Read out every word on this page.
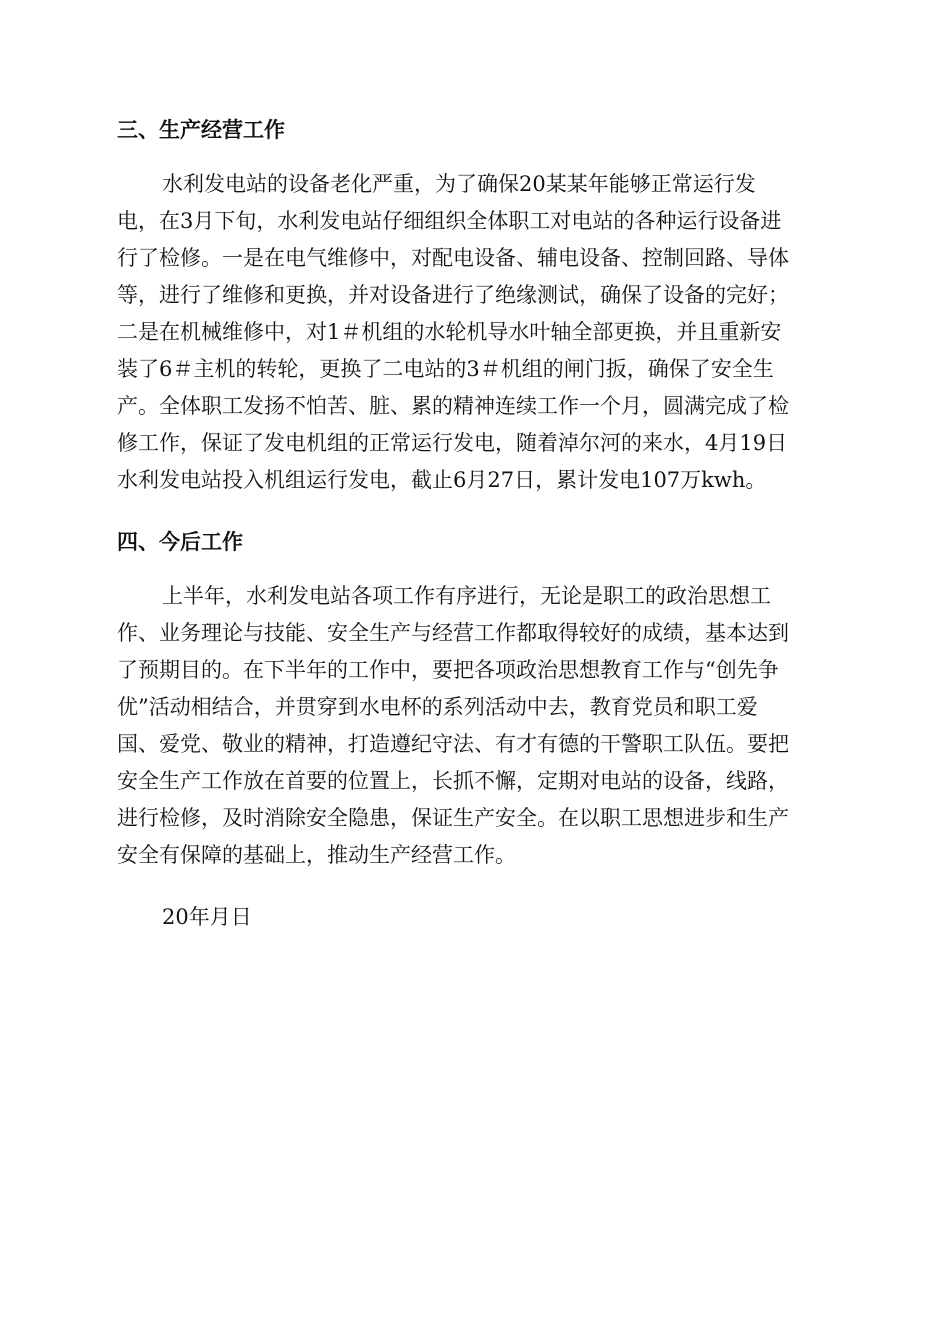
三、生产经营工作
水利发电站的设备老化严重，为了确保20某某年能够正常运行发
电，在3月下旬，水利发电站仔细组织全体职工对电站的各种运行设备进
行了检修。一是在电气维修中，对配电设备、辅电设备、控制回路、导体
等，进行了维修和更换，并对设备进行了绝缘测试，确保了设备的完好；
二是在机械维修中，对1＃机组的水轮机导水叶轴全部更换，并且重新安
装了6＃主机的转轮，更换了二电站的3＃机组的闸门扳，确保了安全生
产。全体职工发扬不怕苦、脏、累的精神连续工作一个月，圆满完成了检
修工作，保证了发电机组的正常运行发电，随着淖尔河的来水，4月19日
水利发电站投入机组运行发电，截止6月27日，累计发电107万kwh。
四、今后工作
上半年，水利发电站各项工作有序进行，无论是职工的政治思想工
作、业务理论与技能、安全生产与经营工作都取得较好的成绩，基本达到
了预期目的。在下半年的工作中，要把各项政治思想教育工作与“创先争
优”活动相结合，并贯穿到水电杯的系列活动中去，教育党员和职工爱
国、爱党、敬业的精神，打造遵纪守法、有才有德的干警职工队伍。要把
安全生产工作放在首要的位置上，长抓不懈，定期对电站的设备，线路，
进行检修，及时消除安全隐患，保证生产安全。在以职工思想进步和生产
安全有保障的基础上，推动生产经营工作。

20年月日
